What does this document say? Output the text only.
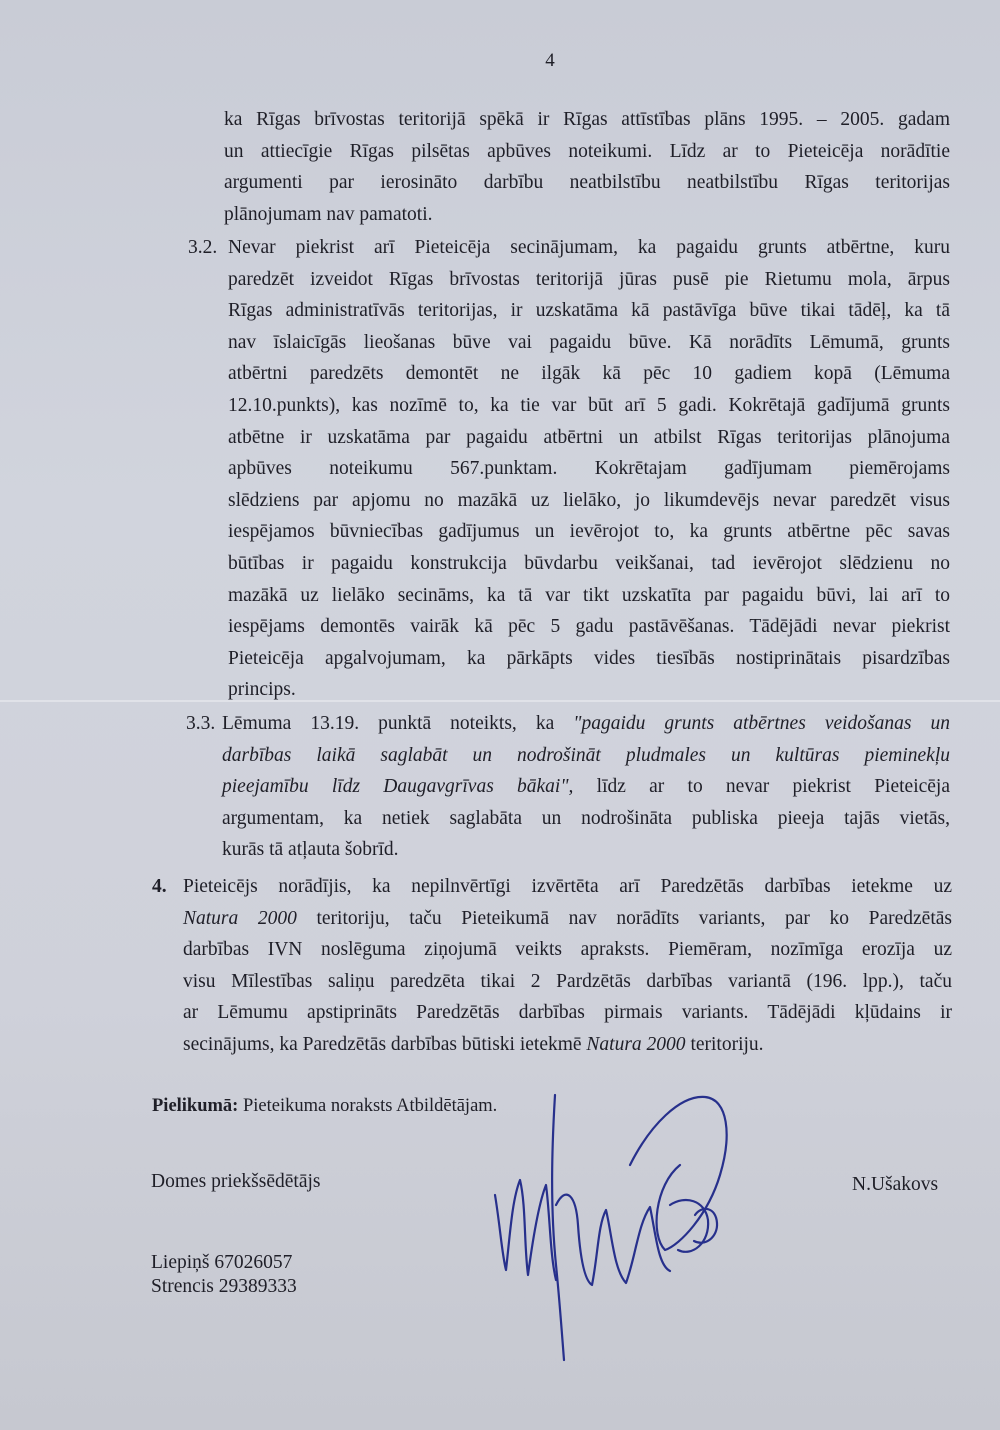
4
ka Rīgas brīvostas teritorijā spēkā ir Rīgas attīstības plāns 1995. – 2005. gadam
un attiecīgie Rīgas pilsētas apbūves noteikumi. Līdz ar to Pieteicēja norādītie
argumenti par ierosināto darbību neatbilstību neatbilstību Rīgas teritorijas
plānojumam nav pamatoti.
3.2. Nevar piekrist arī Pieteicēja secinājumam, ka pagaidu grunts atbērtne, kuru
paredzēt izveidot Rīgas brīvostas teritorijā jūras pusē pie Rietumu mola, ārpus
Rīgas administratīvās teritorijas, ir uzskatāma kā pastāvīga būve tikai tādēļ, ka tā
nav īslaicīgās lieošanas būve vai pagaidu būve. Kā norādīts Lēmumā, grunts
atbērtni paredzēts demontēt ne ilgāk kā pēc 10 gadiem kopā (Lēmuma
12.10.punkts), kas nozīmē to, ka tie var būt arī 5 gadi. Kokrētajā gadījumā grunts
atbētne ir uzskatāma par pagaidu atbērtni un atbilst Rīgas teritorijas plānojuma
apbūves noteikumu 567.punktam. Kokrētajam gadījumam piemērojams
slēdziens par apjomu no mazākā uz lielāko, jo likumdevējs nevar paredzēt visus
iespējamos būvniecības gadījumus un ievērojot to, ka grunts atbērtne pēc savas
būtības ir pagaidu konstrukcija būvdarbu veikšanai, tad ievērojot slēdzienu no
mazākā uz lielāko secināms, ka tā var tikt uzskatīta par pagaidu būvi, lai arī to
iespējams demontēs vairāk kā pēc 5 gadu pastāvēšanas. Tādējādi nevar piekrist
Pieteicēja apgalvojumam, ka pārkāpts vides tiesībās nostiprinātais pisardzības
princips.
3.3. Lēmuma 13.19. punktā noteikts, ka "pagaidu grunts atbērtnes veidošanas un
darbības laikā saglabāt un nodrošināt pludmales un kultūras pieminekļu
pieejamību līdz Daugavgrīvas bākai", līdz ar to nevar piekrist Pieteicēja
argumentam, ka netiek saglabāta un nodrošināta publiska pieeja tajās vietās,
kurās tā atļauta šobrīd.
4. Pieteicējs norādījis, ka nepilnvērtīgi izvērtēta arī Paredzētās darbības ietekme uz
Natura 2000 teritoriju, taču Pieteikumā nav norādīts variants, par ko Paredzētās
darbības IVN noslēguma ziņojumā veikts apraksts. Piemēram, nozīmīga erozīja uz
visu Mīlestības saliņu paredzēta tikai 2 Pardzētās darbības variantā (196. lpp.), taču
ar Lēmumu apstiprināts Paredzētās darbības pirmais variants. Tādējādi kļūdains ir
secinājums, ka Paredzētās darbības būtiski ietekmē Natura 2000 teritoriju.
Pielikumā: Pieteikuma noraksts Atbildētājam.
Domes priekšsēdētājs	N.Ušakovs
Liepiņš 67026057
Strencis 29389333
